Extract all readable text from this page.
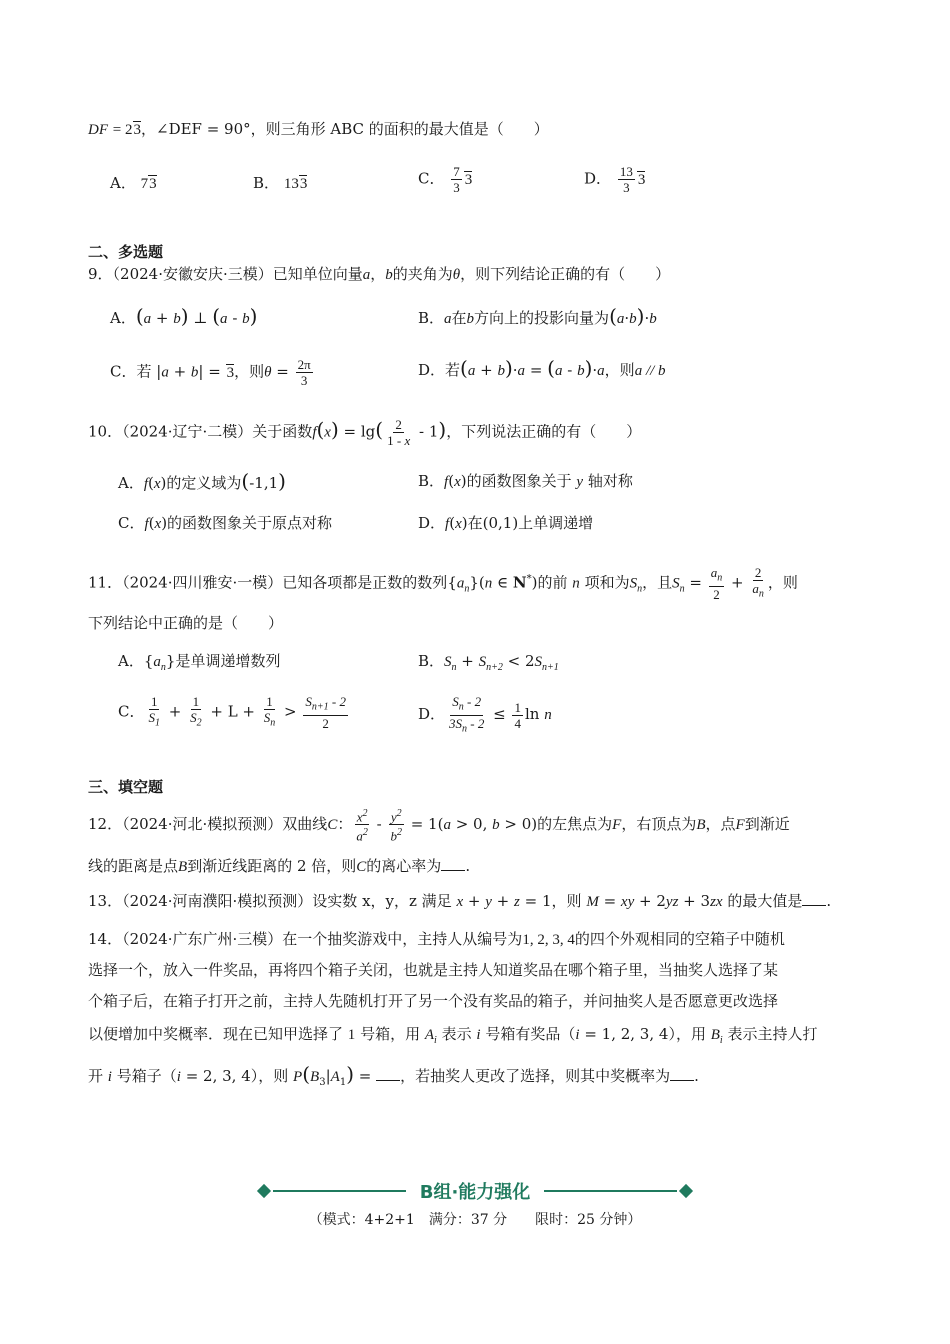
DF = 23，∠DEF = 90°，则三角形 ABC 的面积的最大值是（　　）
A． 73	B． 133	C． $\frac{7}{3} 3$	D． $\frac{13}{3} 3$
二、多选题
9．（2024·安徽安庆·三模）已知单位向量a，b的夹角为θ，则下列结论正确的有（　　）
A．(a + b) ⊥ (a - b)	B．a在b方向上的投影向量为(a·b)·b
C．若 |a + b| = 3，则$\theta = \frac{2\pi}{3}$	D．若(a + b)·a = (a - b)·a，则a // b
10．（2024·辽宁·二模）关于函数$f(x) = \lg( \frac{2}{1 - x} - 1)$，下列说法正确的有（　　）
A．f(x)的定义域为(-1,1)	B．f(x)的函数图象关于 y 轴对称
C．f(x)的函数图象关于原点对称	D．f(x)在(0,1)上单调递增
11．（2024·四川雅安·一模）已知各项都是正数的数列$\{a_n\}(n$ ∈ N*)的前 n 项和为$S_n$，且$S_n = \frac{a_n}{2} + \frac{2}{a_n}$ ，则
下列结论中正确的是（　　）
A．$\{a_n\}$是单调递增数列	B．$S_n + S_{n+2} < 2S_{n+1}$
C． $\frac{1}{S_1} + \frac{1}{S_2} + L + \frac{1}{S_n} > \frac{S_{n+1} - 2}{2}$	D． $\frac{S_n - 2}{3S_n - 2} \le \frac{1}{4}$ ln n
三、填空题
12．（2024·河北·模拟预测）双曲线C： $\frac{x^2}{a^2} - \frac{y^2}{b^2} = 1(a > 0$, b > 0)的左焦点为F，右顶点为B，点F到渐近
线的距离是点B到渐近线距离的 2 倍，则C的离心率为 .
13．（2024·河南濮阳·模拟预测）设实数 x，y，z 满足 x + y + z = 1，则 M = xy + 2yz + 3zx 的最大值是 .
14．（2024·广东广州·三模）在一个抽奖游戏中，主持人从编号为1, 2, 3, 4的四个外观相同的空箱子中随机
选择一个，放入一件奖品，再将四个箱子关闭，也就是主持人知道奖品在哪个箱子里，当抽奖人选择了某
个箱子后，在箱子打开之前，主持人先随机打开了另一个没有奖品的箱子，并问抽奖人是否愿意更改选择
以便增加中奖概率．现在已知甲选择了 1 号箱，用 $A_i$ 表示 i 号箱有奖品（i = 1, 2, 3, 4），用 $B_i$ 表示主持人打
开 i 号箱子（i = 2, 3, 4），则 $P(B_3|A_1)$ = ，若抽奖人更改了选择，则其中奖概率为 .
B组·能力强化
（模式：4+2+1　满分：37 分　　限时：25 分钟）
